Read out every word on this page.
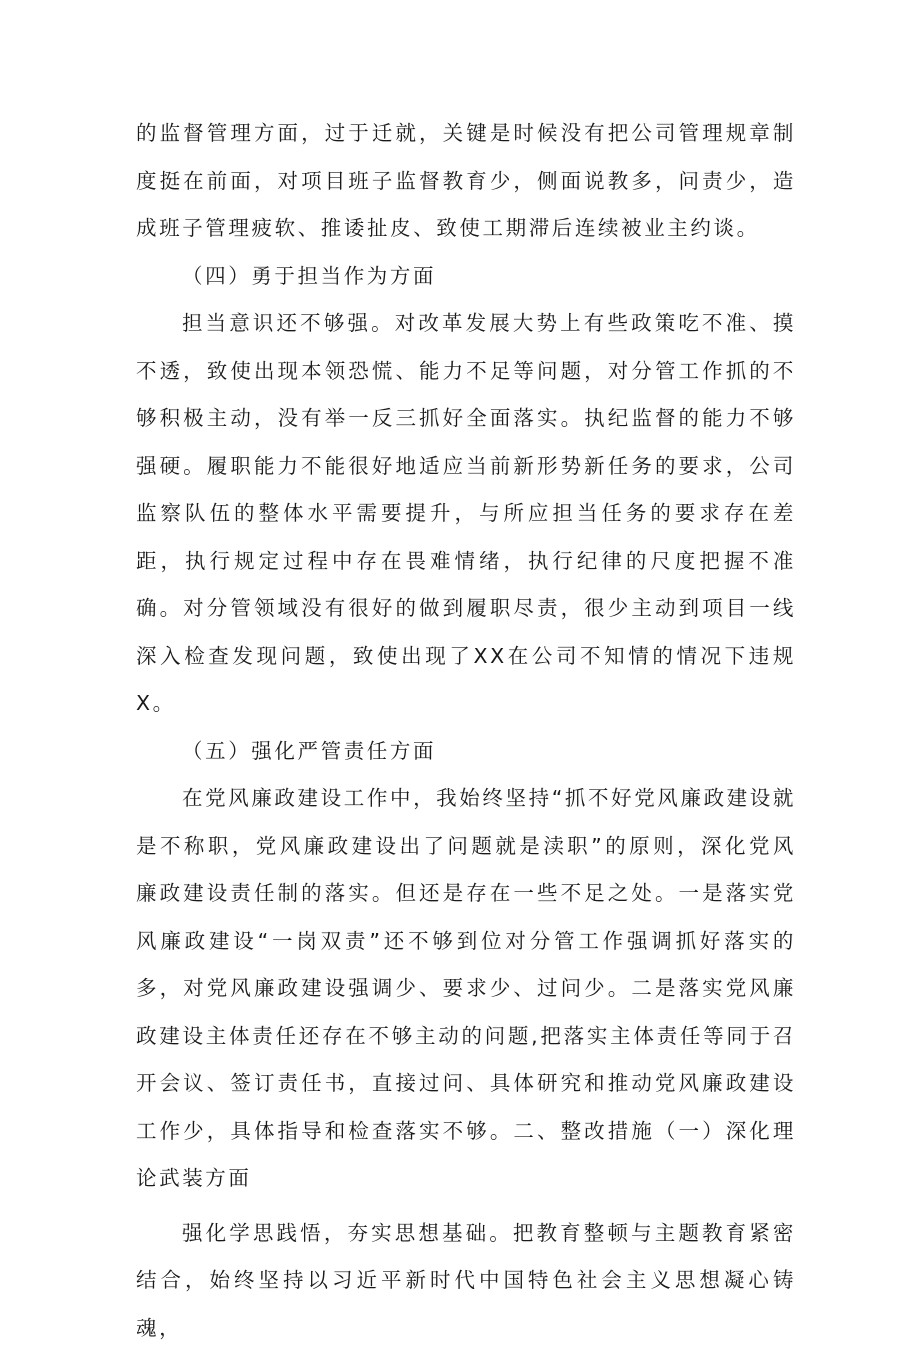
的监督管理方面，过于迁就，关键是时候没有把公司管理规章制度挺在前面，对项目班子监督教育少，侧面说教多，问责少，造成班子管理疲软、推诿扯皮、致使工期滞后连续被业主约谈。

（四）勇于担当作为方面

担当意识还不够强。对改革发展大势上有些政策吃不准、摸不透，致使出现本领恐慌、能力不足等问题，对分管工作抓的不够积极主动，没有举一反三抓好全面落实。执纪监督的能力不够强硬。履职能力不能很好地适应当前新形势新任务的要求，公司监察队伍的整体水平需要提升，与所应担当任务的要求存在差距，执行规定过程中存在畏难情绪，执行纪律的尺度把握不准确。对分管领域没有很好的做到履职尽责，很少主动到项目一线深入检查发现问题，致使出现了XX在公司不知情的情况下违规X。

（五）强化严管责任方面

在党风廉政建设工作中，我始终坚持“抓不好党风廉政建设就是不称职，党风廉政建设出了问题就是渎职”的原则，深化党风廉政建设责任制的落实。但还是存在一些不足之处。一是落实党风廉政建设“一岗双责”还不够到位对分管工作强调抓好落实的多，对党风廉政建设强调少、要求少、过问少。二是落实党风廉政建设主体责任还存在不够主动的问题,把落实主体责任等同于召开会议、签订责任书，直接过问、具体研究和推动党风廉政建设工作少，具体指导和检查落实不够。二、整改措施（一）深化理论武装方面

强化学思践悟，夯实思想基础。把教育整顿与主题教育紧密结合，始终坚持以习近平新时代中国特色社会主义思想凝心铸魂，
